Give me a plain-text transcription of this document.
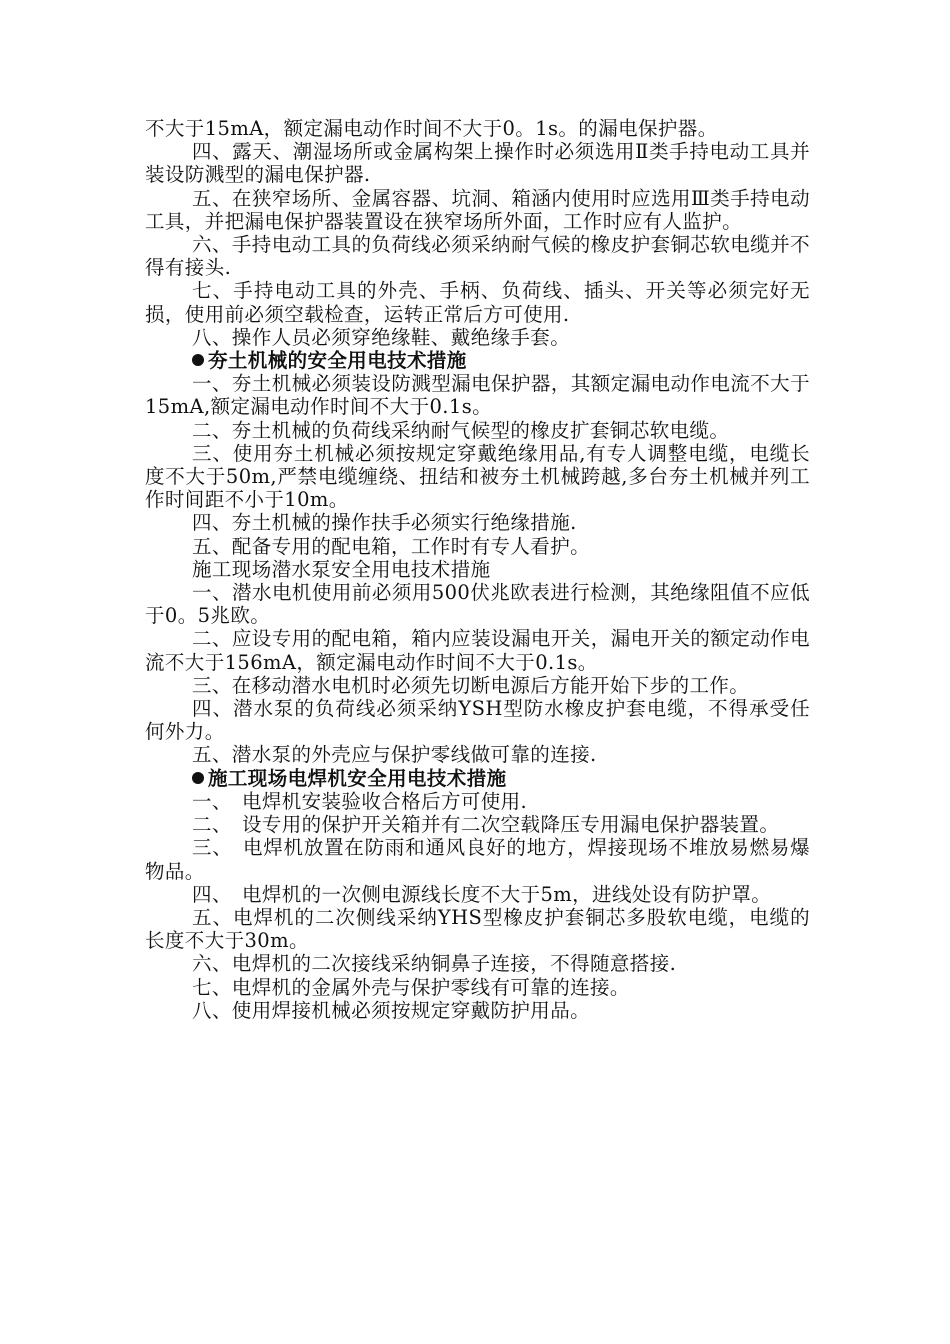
不大于15mA，额定漏电动作时间不大于0。1s。的漏电保护器。

四、露天、潮湿场所或金属构架上操作时必须选用Ⅱ类手持电动工具并装设防溅型的漏电保护器.

五、在狭窄场所、金属容器、坑洞、箱涵内使用时应选用Ⅲ类手持电动工具，并把漏电保护器装置设在狭窄场所外面，工作时应有人监护。

六、手持电动工具的负荷线必须采纳耐气候的橡皮护套铜芯软电缆并不得有接头.

七、手持电动工具的外壳、手柄、负荷线、插头、开关等必须完好无损，使用前必须空载检查，运转正常后方可使用.

八、操作人员必须穿绝缘鞋、戴绝缘手套。

夯土机械的安全用电技术措施

一、夯土机械必须装设防溅型漏电保护器，其额定漏电动作电流不大于15mA,额定漏电动作时间不大于0.1s。

二、夯土机械的负荷线采纳耐气候型的橡皮扩套铜芯软电缆。

三、使用夯土机械必须按规定穿戴绝缘用品,有专人调整电缆，电缆长度不大于50m,严禁电缆缠绕、扭结和被夯土机械跨越,多台夯土机械并列工作时间距不小于10m。

四、夯土机械的操作扶手必须实行绝缘措施.

五、配备专用的配电箱，工作时有专人看护。

施工现场潜水泵安全用电技术措施

一、潜水电机使用前必须用500伏兆欧表进行检测，其绝缘阻值不应低于0。5兆欧。

二、应设专用的配电箱，箱内应装设漏电开关，漏电开关的额定动作电流不大于156mA，额定漏电动作时间不大于0.1s。

三、在移动潜水电机时必须先切断电源后方能开始下步的工作。

四、潜水泵的负荷线必须采纳YSH型防水橡皮护套电缆，不得承受任何外力。

五、潜水泵的外壳应与保护零线做可靠的连接.

施工现场电焊机安全用电技术措施

一、　电焊机安装验收合格后方可使用.

二、　设专用的保护开关箱并有二次空载降压专用漏电保护器装置。

三、　电焊机放置在防雨和通风良好的地方，焊接现场不堆放易燃易爆物品。

四、　电焊机的一次侧电源线长度不大于5m，进线处设有防护罩。

五、电焊机的二次侧线采纳YHS型橡皮护套铜芯多股软电缆，电缆的长度不大于30m。

六、电焊机的二次接线采纳铜鼻子连接，不得随意搭接.

七、电焊机的金属外壳与保护零线有可靠的连接。

八、使用焊接机械必须按规定穿戴防护用品。
